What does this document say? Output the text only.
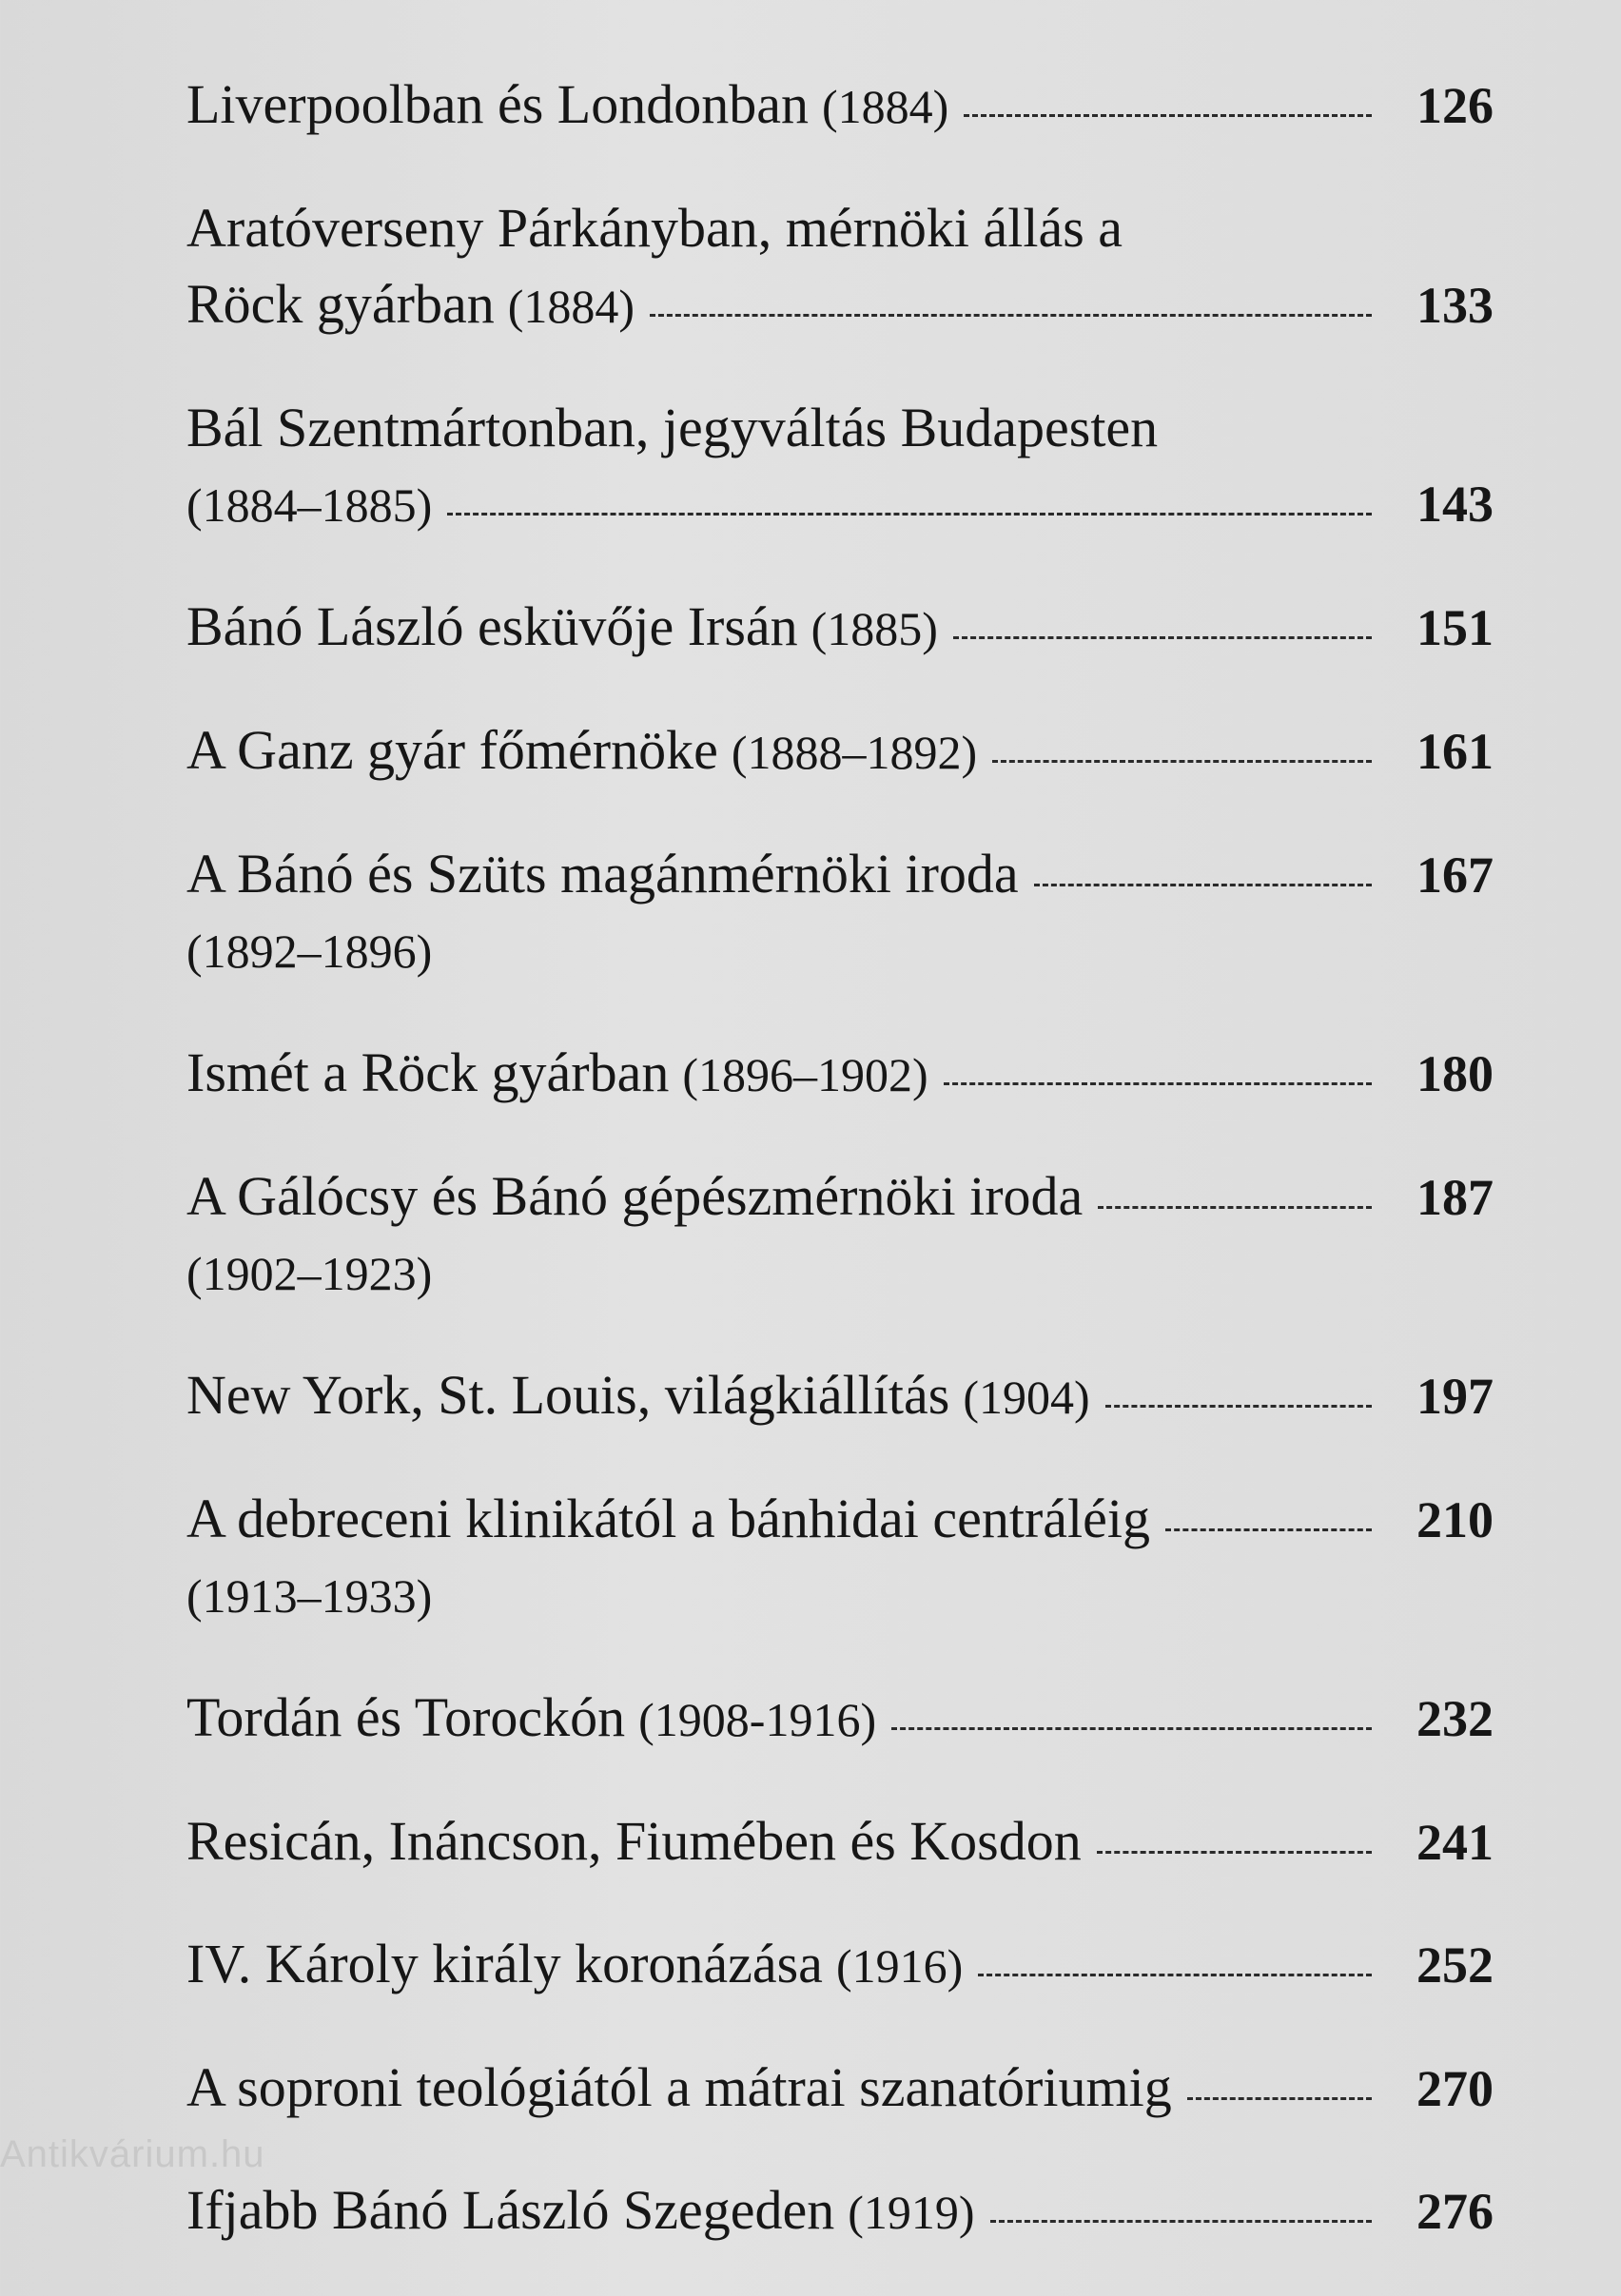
Liverpoolban és Londonban (1884)	126
Aratóverseny Párkányban, mérnöki állás a
Röck gyárban (1884)	133
Bál Szentmártonban, jegyváltás Budapesten
(1884–1885)	143
Bánó László esküvője Irsán (1885)	151
A Ganz gyár főmérnöke (1888–1892)	161
A Bánó és Szüts magánmérnöki iroda	167
(1892–1896)
Ismét a Röck gyárban (1896–1902)	180
A Gálócsy és Bánó gépészmérnöki iroda	187
(1902–1923)
New York, St. Louis, világkiállítás (1904)	197
A debreceni klinikától a bánhidai centráléig	210
(1913–1933)
Tordán és Torockón (1908-1916)	232
Resicán, Ináncson, Fiumében és Kosdon	241
IV. Károly király koronázása (1916)	252
A soproni teológiától a mátrai szanatóriumig	270
Ifjabb Bánó László Szegeden (1919)	276
Antikvárium.hu
